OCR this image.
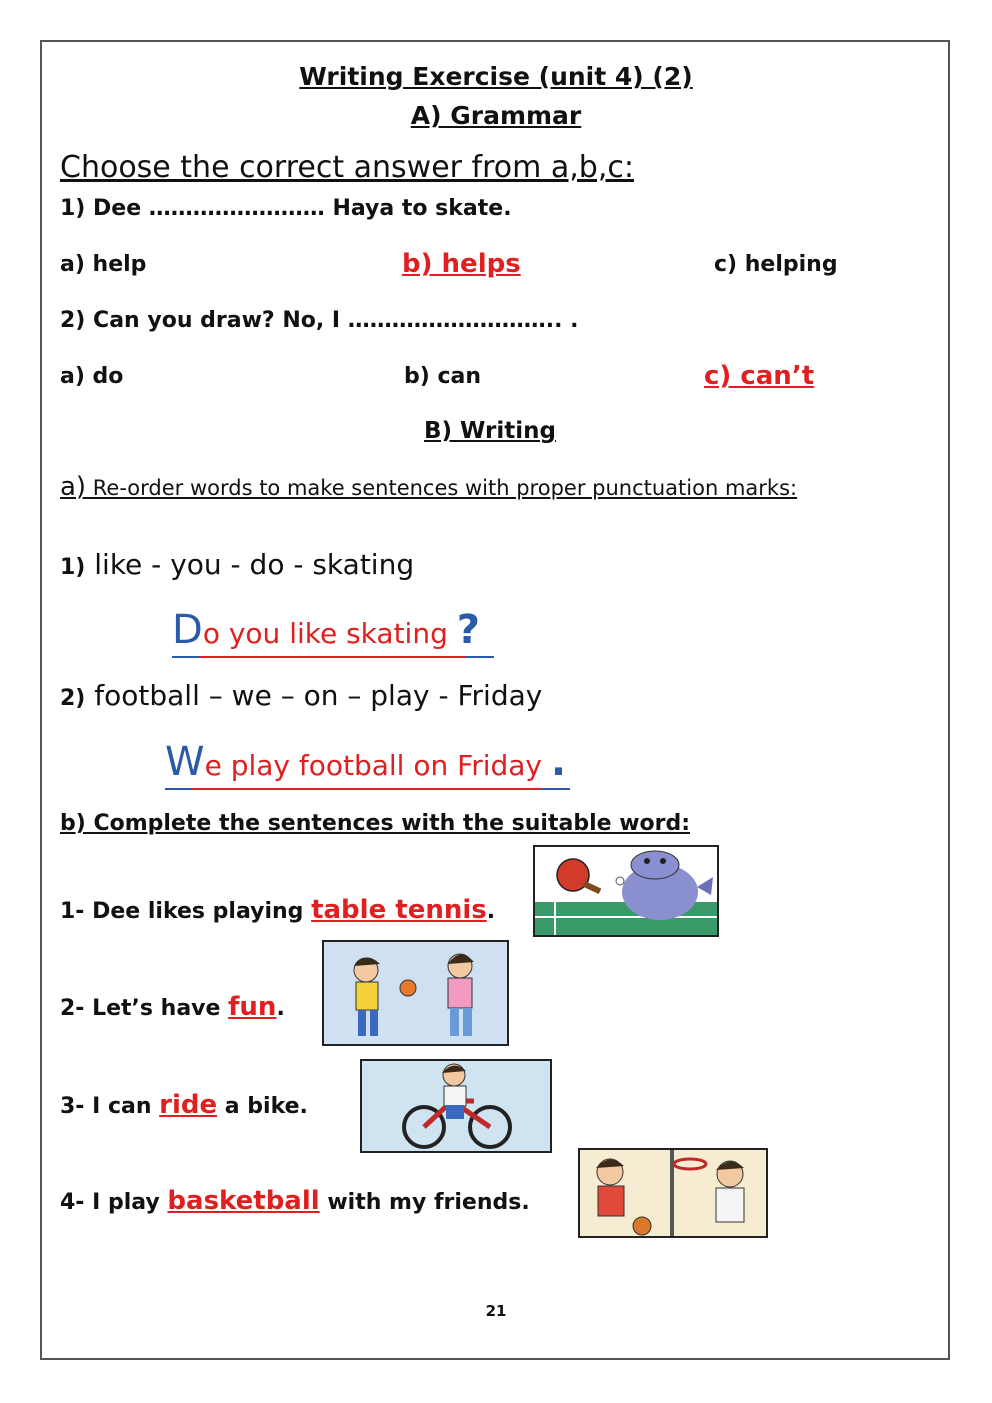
Writing Exercise (unit 4) (2)
A) Grammar
Choose the correct answer from a,b,c:
1) Dee …………………… Haya to skate.
a) help	b) helps	c) helping
2) Can you draw? No, I ……………………….. .
a) do	b) can	c) can’t
B) Writing
a) Re-order words to make sentences with proper punctuation marks:
1) like - you - do - skating
Do you like skating ?
2) football – we – on – play - Friday
We play football on Friday .
b) Complete the sentences with the suitable word:
1- Dee likes playing table tennis.
2- Let’s have fun.
3- I can ride a bike.
4- I play basketball with my friends.
21
